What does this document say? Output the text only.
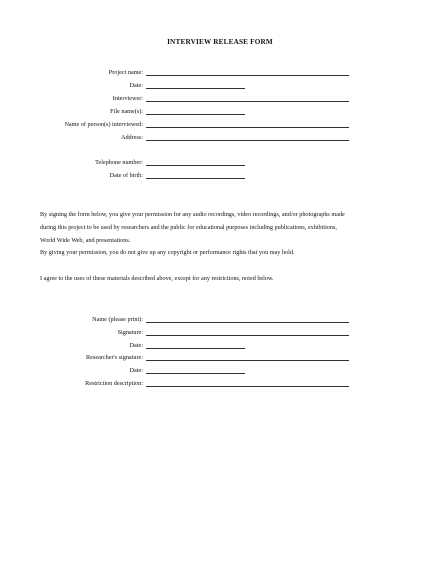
INTERVIEW RELEASE FORM
Project name:
Date:
Interviewer:
File name(s):
Name of person(s) interviewed:
Address:
Telephone number:
Date of birth:
By signing the form below, you give your permission for any audio recordings, video recordings, and/or photographs made
during this project to be used by researchers and the public for educational purposes including publications, exhibitions,
World Wide Web, and presentations.
By giving your permission, you do not give up any copyright or performance rights that you may hold.
I agree to the uses of these materials described above, except for any restrictions, noted below.
Name (please print):
Signature:
Date:
Researcher's signature:
Date:
Restriction description:
